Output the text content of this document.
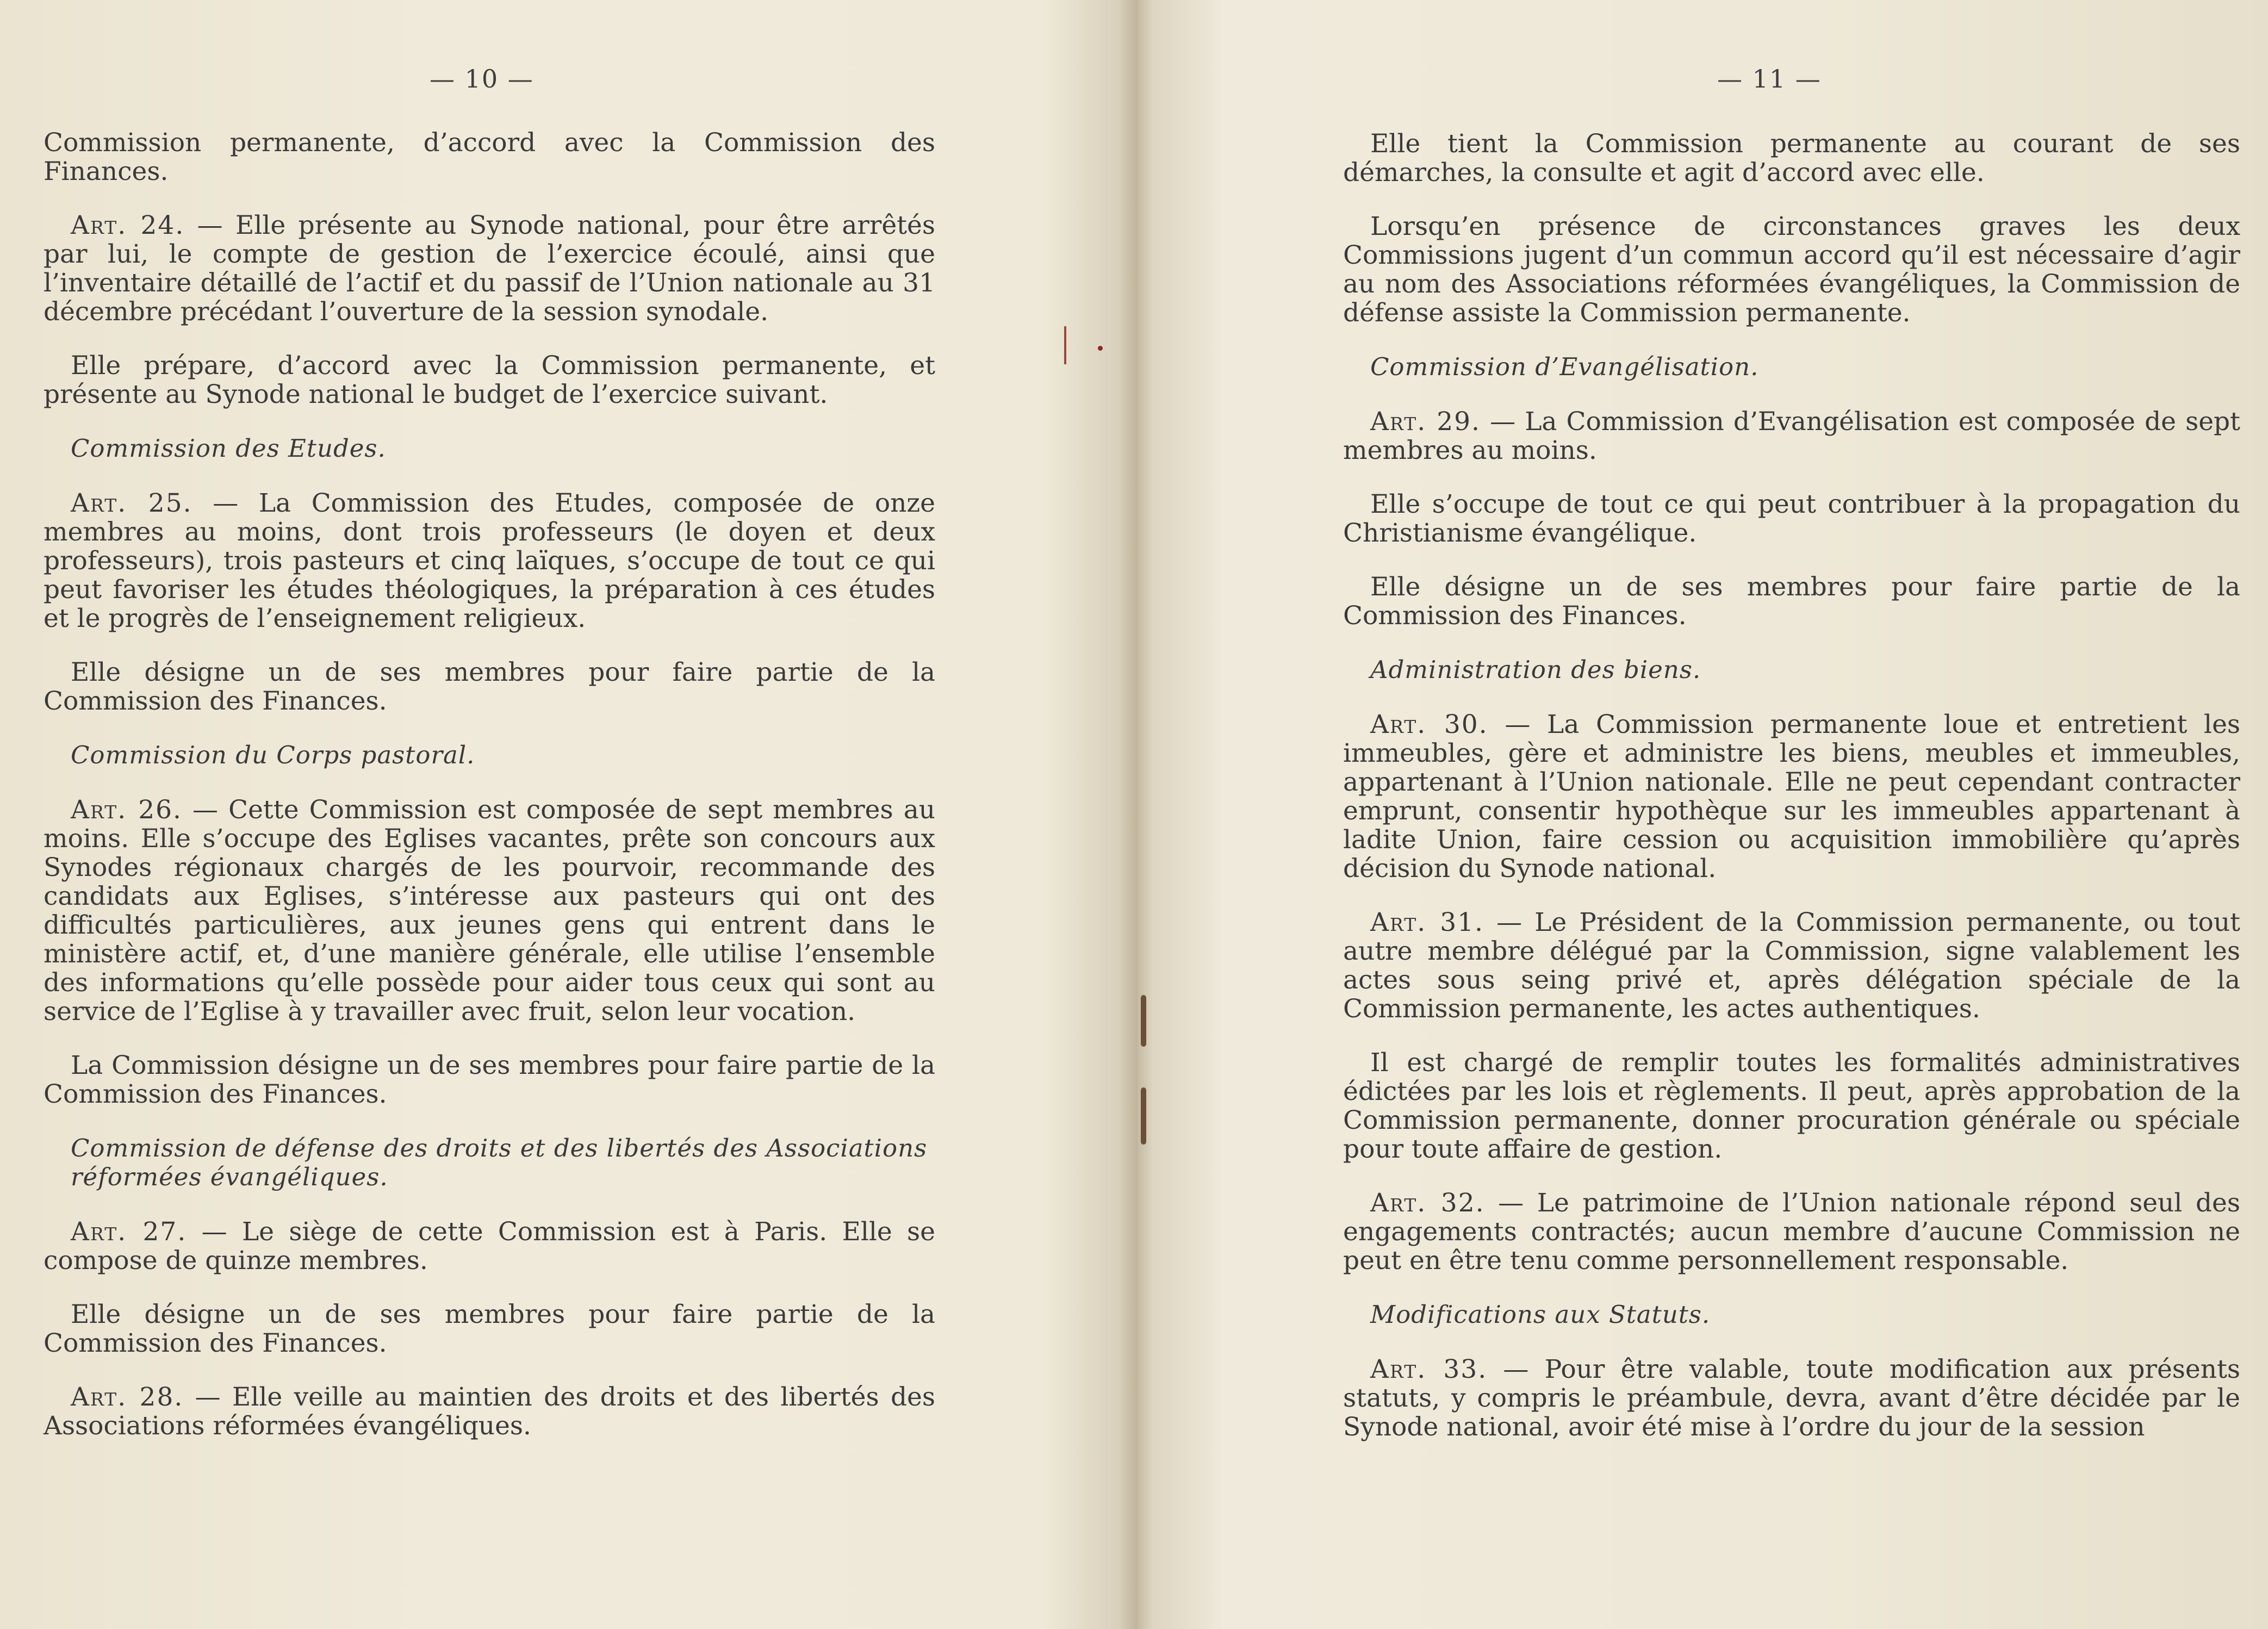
— 10 —
Commission permanente, d’accord avec la Commission des Finances.
Art. 24. — Elle présente au Synode national, pour être arrêtés par lui, le compte de gestion de l’exercice écoulé, ainsi que l’inventaire détaillé de l’actif et du passif de l’Union nationale au 31 décembre précédant l’ouverture de la session synodale.
Elle prépare, d’accord avec la Commission permanente, et présente au Synode national le budget de l’exercice suivant.
Commission des Etudes.
Art. 25. — La Commission des Etudes, composée de onze membres au moins, dont trois professeurs (le doyen et deux professeurs), trois pasteurs et cinq laïques, s’occupe de tout ce qui peut favoriser les études théologiques, la préparation à ces études et le progrès de l’enseignement religieux.
Elle désigne un de ses membres pour faire partie de la Commission des Finances.
Commission du Corps pastoral.
Art. 26. — Cette Commission est composée de sept membres au moins. Elle s’occupe des Eglises vacantes, prête son concours aux Synodes régionaux chargés de les pourvoir, recommande des candidats aux Eglises, s’intéresse aux pasteurs qui ont des difficultés particulières, aux jeunes gens qui entrent dans le ministère actif, et, d’une manière générale, elle utilise l’ensemble des informations qu’elle possède pour aider tous ceux qui sont au service de l’Eglise à y travailler avec fruit, selon leur vocation.
La Commission désigne un de ses membres pour faire partie de la Commission des Finances.
Commission de défense des droits et des libertés des Associations réformées évangéliques.
Art. 27. — Le siège de cette Commission est à Paris. Elle se compose de quinze membres.
Elle désigne un de ses membres pour faire partie de la Commission des Finances.
Art. 28. — Elle veille au maintien des droits et des libertés des Associations réformées évangéliques.
— 11 —
Elle tient la Commission permanente au courant de ses démarches, la consulte et agit d’accord avec elle.
Lorsqu’en présence de circonstances graves les deux Commissions jugent d’un commun accord qu’il est nécessaire d’agir au nom des Associations réformées évangéliques, la Commission de défense assiste la Commission permanente.
Commission d’Evangélisation.
Art. 29. — La Commission d’Evangélisation est composée de sept membres au moins.
Elle s’occupe de tout ce qui peut contribuer à la propagation du Christianisme évangélique.
Elle désigne un de ses membres pour faire partie de la Commission des Finances.
Administration des biens.
Art. 30. — La Commission permanente loue et entretient les immeubles, gère et administre les biens, meubles et immeubles, appartenant à l’Union nationale. Elle ne peut cependant contracter emprunt, consentir hypothèque sur les immeubles appartenant à ladite Union, faire cession ou acquisition immobilière qu’après décision du Synode national.
Art. 31. — Le Président de la Commission permanente, ou tout autre membre délégué par la Commission, signe valablement les actes sous seing privé et, après délégation spéciale de la Commission permanente, les actes authentiques.
Il est chargé de remplir toutes les formalités administratives édictées par les lois et règlements. Il peut, après approbation de la Commission permanente, donner procuration générale ou spéciale pour toute affaire de gestion.
Art. 32. — Le patrimoine de l’Union nationale répond seul des engagements contractés; aucun membre d’aucune Commission ne peut en être tenu comme personnellement responsable.
Modifications aux Statuts.
Art. 33. — Pour être valable, toute modification aux présents statuts, y compris le préambule, devra, avant d’être décidée par le Synode national, avoir été mise à l’ordre du jour de la session
